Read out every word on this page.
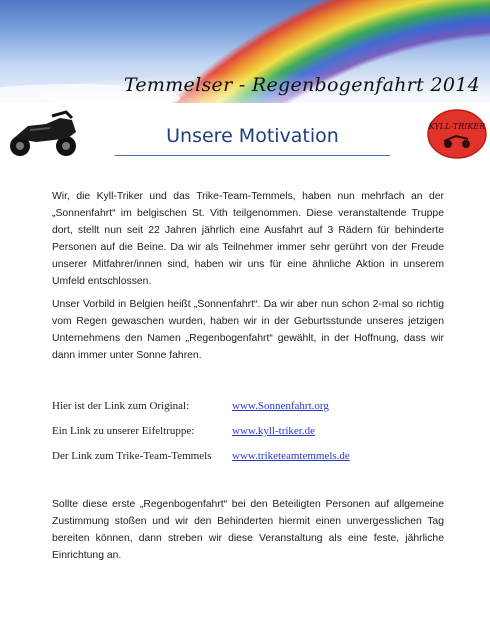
Temmelser - Regenbogenfahrt 2014
KYLL-TRIKER
Unsere Motivation

Wir, die Kyll-Triker und das Trike-Team-Temmels, haben nun mehrfach an der „Sonnenfahrt“ im belgischen St. Vith teilgenommen. Diese veranstaltende Truppe dort, stellt nun seit 22 Jahren jährlich eine Ausfahrt auf 3 Rädern für behinderte Personen auf die Beine. Da wir als Teilnehmer immer sehr gerührt von der Freude unserer Mitfahrer/innen sind, haben wir uns für eine ähnliche Aktion in unserem Umfeld entschlossen.

Unser Vorbild in Belgien heißt „Sonnenfahrt“. Da wir aber nun schon 2-mal so richtig vom Regen gewaschen wurden, haben wir in der Geburtsstunde unseres jetzigen Unternehmens den Namen „Regenbogenfahrt“ gewählt, in der Hoffnung, dass wir dann immer unter Sonne fahren.

Hier ist der Link zum Original:	www.Sonnenfahrt.org
Ein Link zu unserer Eifeltruppe:	www.kyll-triker.de
Der Link zum Trike-Team-Temmels www.triketeamtemmels.de

Sollte diese erste „Regenbogenfahrt“ bei den Beteiligten Personen auf allgemeine Zustimmung stoßen und wir den Behinderten hiermit einen unvergesslichen Tag bereiten können, dann streben wir diese Veranstaltung als eine feste, jährliche Einrichtung an.
